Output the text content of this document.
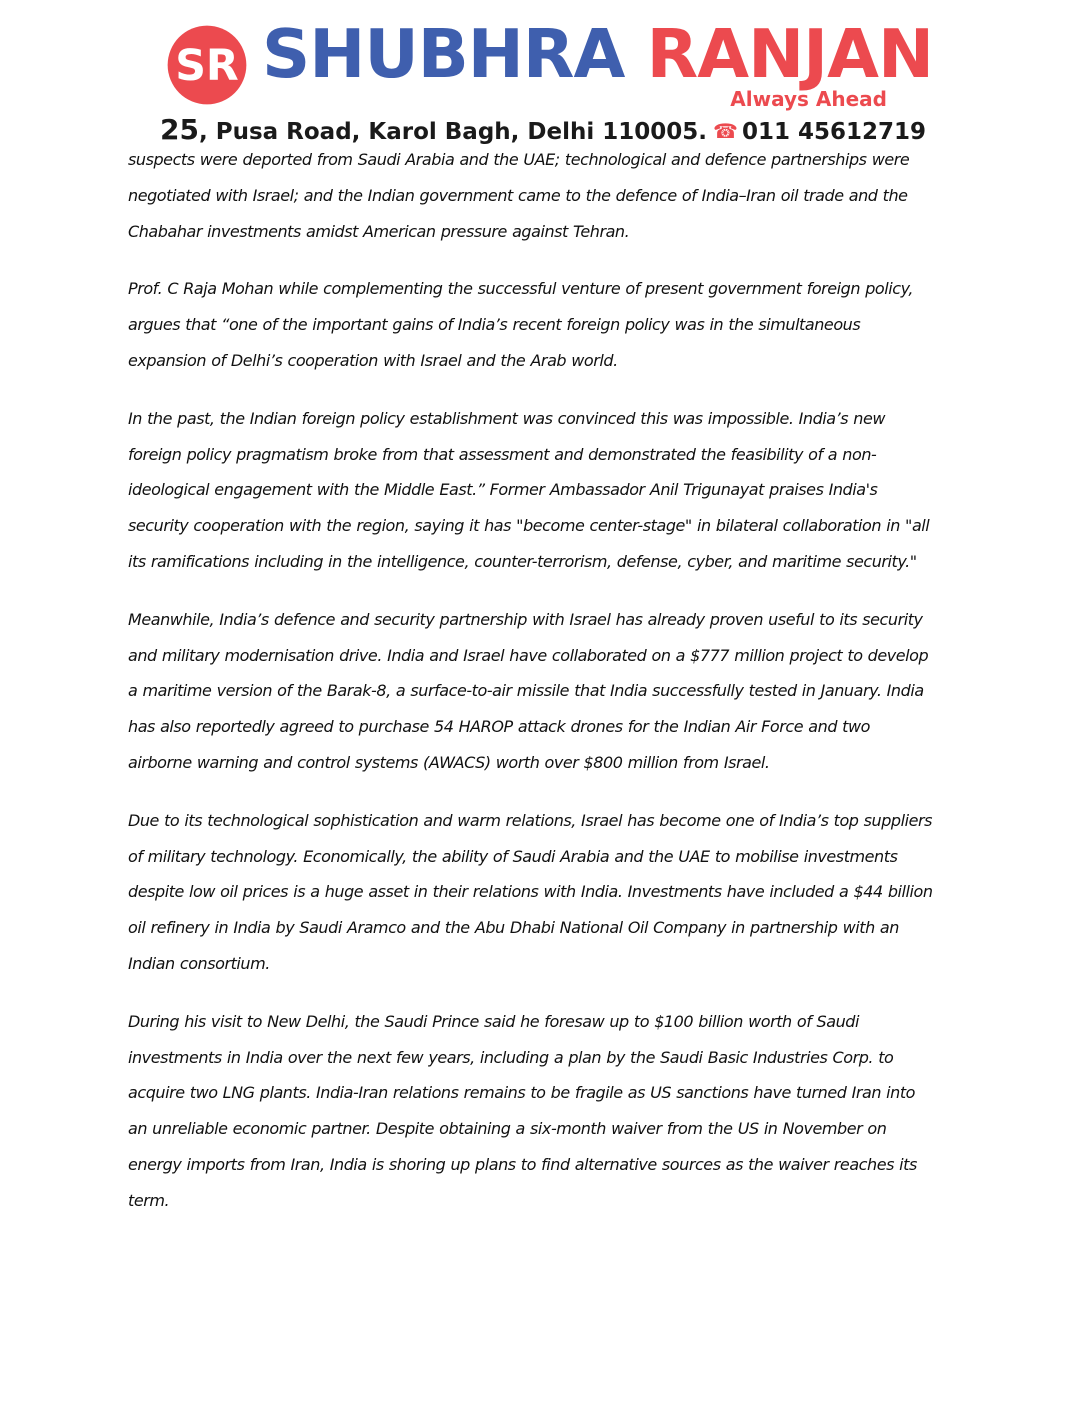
SR SHUBHRA RANJAN
Always Ahead
25, Pusa Road, Karol Bagh, Delhi 110005. ☎ 011 45612719

suspects were deported from Saudi Arabia and the UAE; technological and defence partnerships were
negotiated with Israel; and the Indian government came to the defence of India–Iran oil trade and the
Chabahar investments amidst American pressure against Tehran.

Prof. C Raja Mohan while complementing the successful venture of present government foreign policy,
argues that “one of the important gains of India’s recent foreign policy was in the simultaneous
expansion of Delhi’s cooperation with Israel and the Arab world.

In the past, the Indian foreign policy establishment was convinced this was impossible. India’s new
foreign policy pragmatism broke from that assessment and demonstrated the feasibility of a non-
ideological engagement with the Middle East.” Former Ambassador Anil Trigunayat praises India's
security cooperation with the region, saying it has "become center-stage" in bilateral collaboration in "all
its ramifications including in the intelligence, counter-terrorism, defense, cyber, and maritime security."

Meanwhile, India’s defence and security partnership with Israel has already proven useful to its security
and military modernisation drive. India and Israel have collaborated on a $777 million project to develop
a maritime version of the Barak-8, a surface-to-air missile that India successfully tested in January. India
has also reportedly agreed to purchase 54 HAROP attack drones for the Indian Air Force and two
airborne warning and control systems (AWACS) worth over $800 million from Israel.

Due to its technological sophistication and warm relations, Israel has become one of India’s top suppliers
of military technology. Economically, the ability of Saudi Arabia and the UAE to mobilise investments
despite low oil prices is a huge asset in their relations with India. Investments have included a $44 billion
oil refinery in India by Saudi Aramco and the Abu Dhabi National Oil Company in partnership with an
Indian consortium.

During his visit to New Delhi, the Saudi Prince said he foresaw up to $100 billion worth of Saudi
investments in India over the next few years, including a plan by the Saudi Basic Industries Corp. to
acquire two LNG plants. India-Iran relations remains to be fragile as US sanctions have turned Iran into
an unreliable economic partner. Despite obtaining a six-month waiver from the US in November on
energy imports from Iran, India is shoring up plans to find alternative sources as the waiver reaches its
term.
